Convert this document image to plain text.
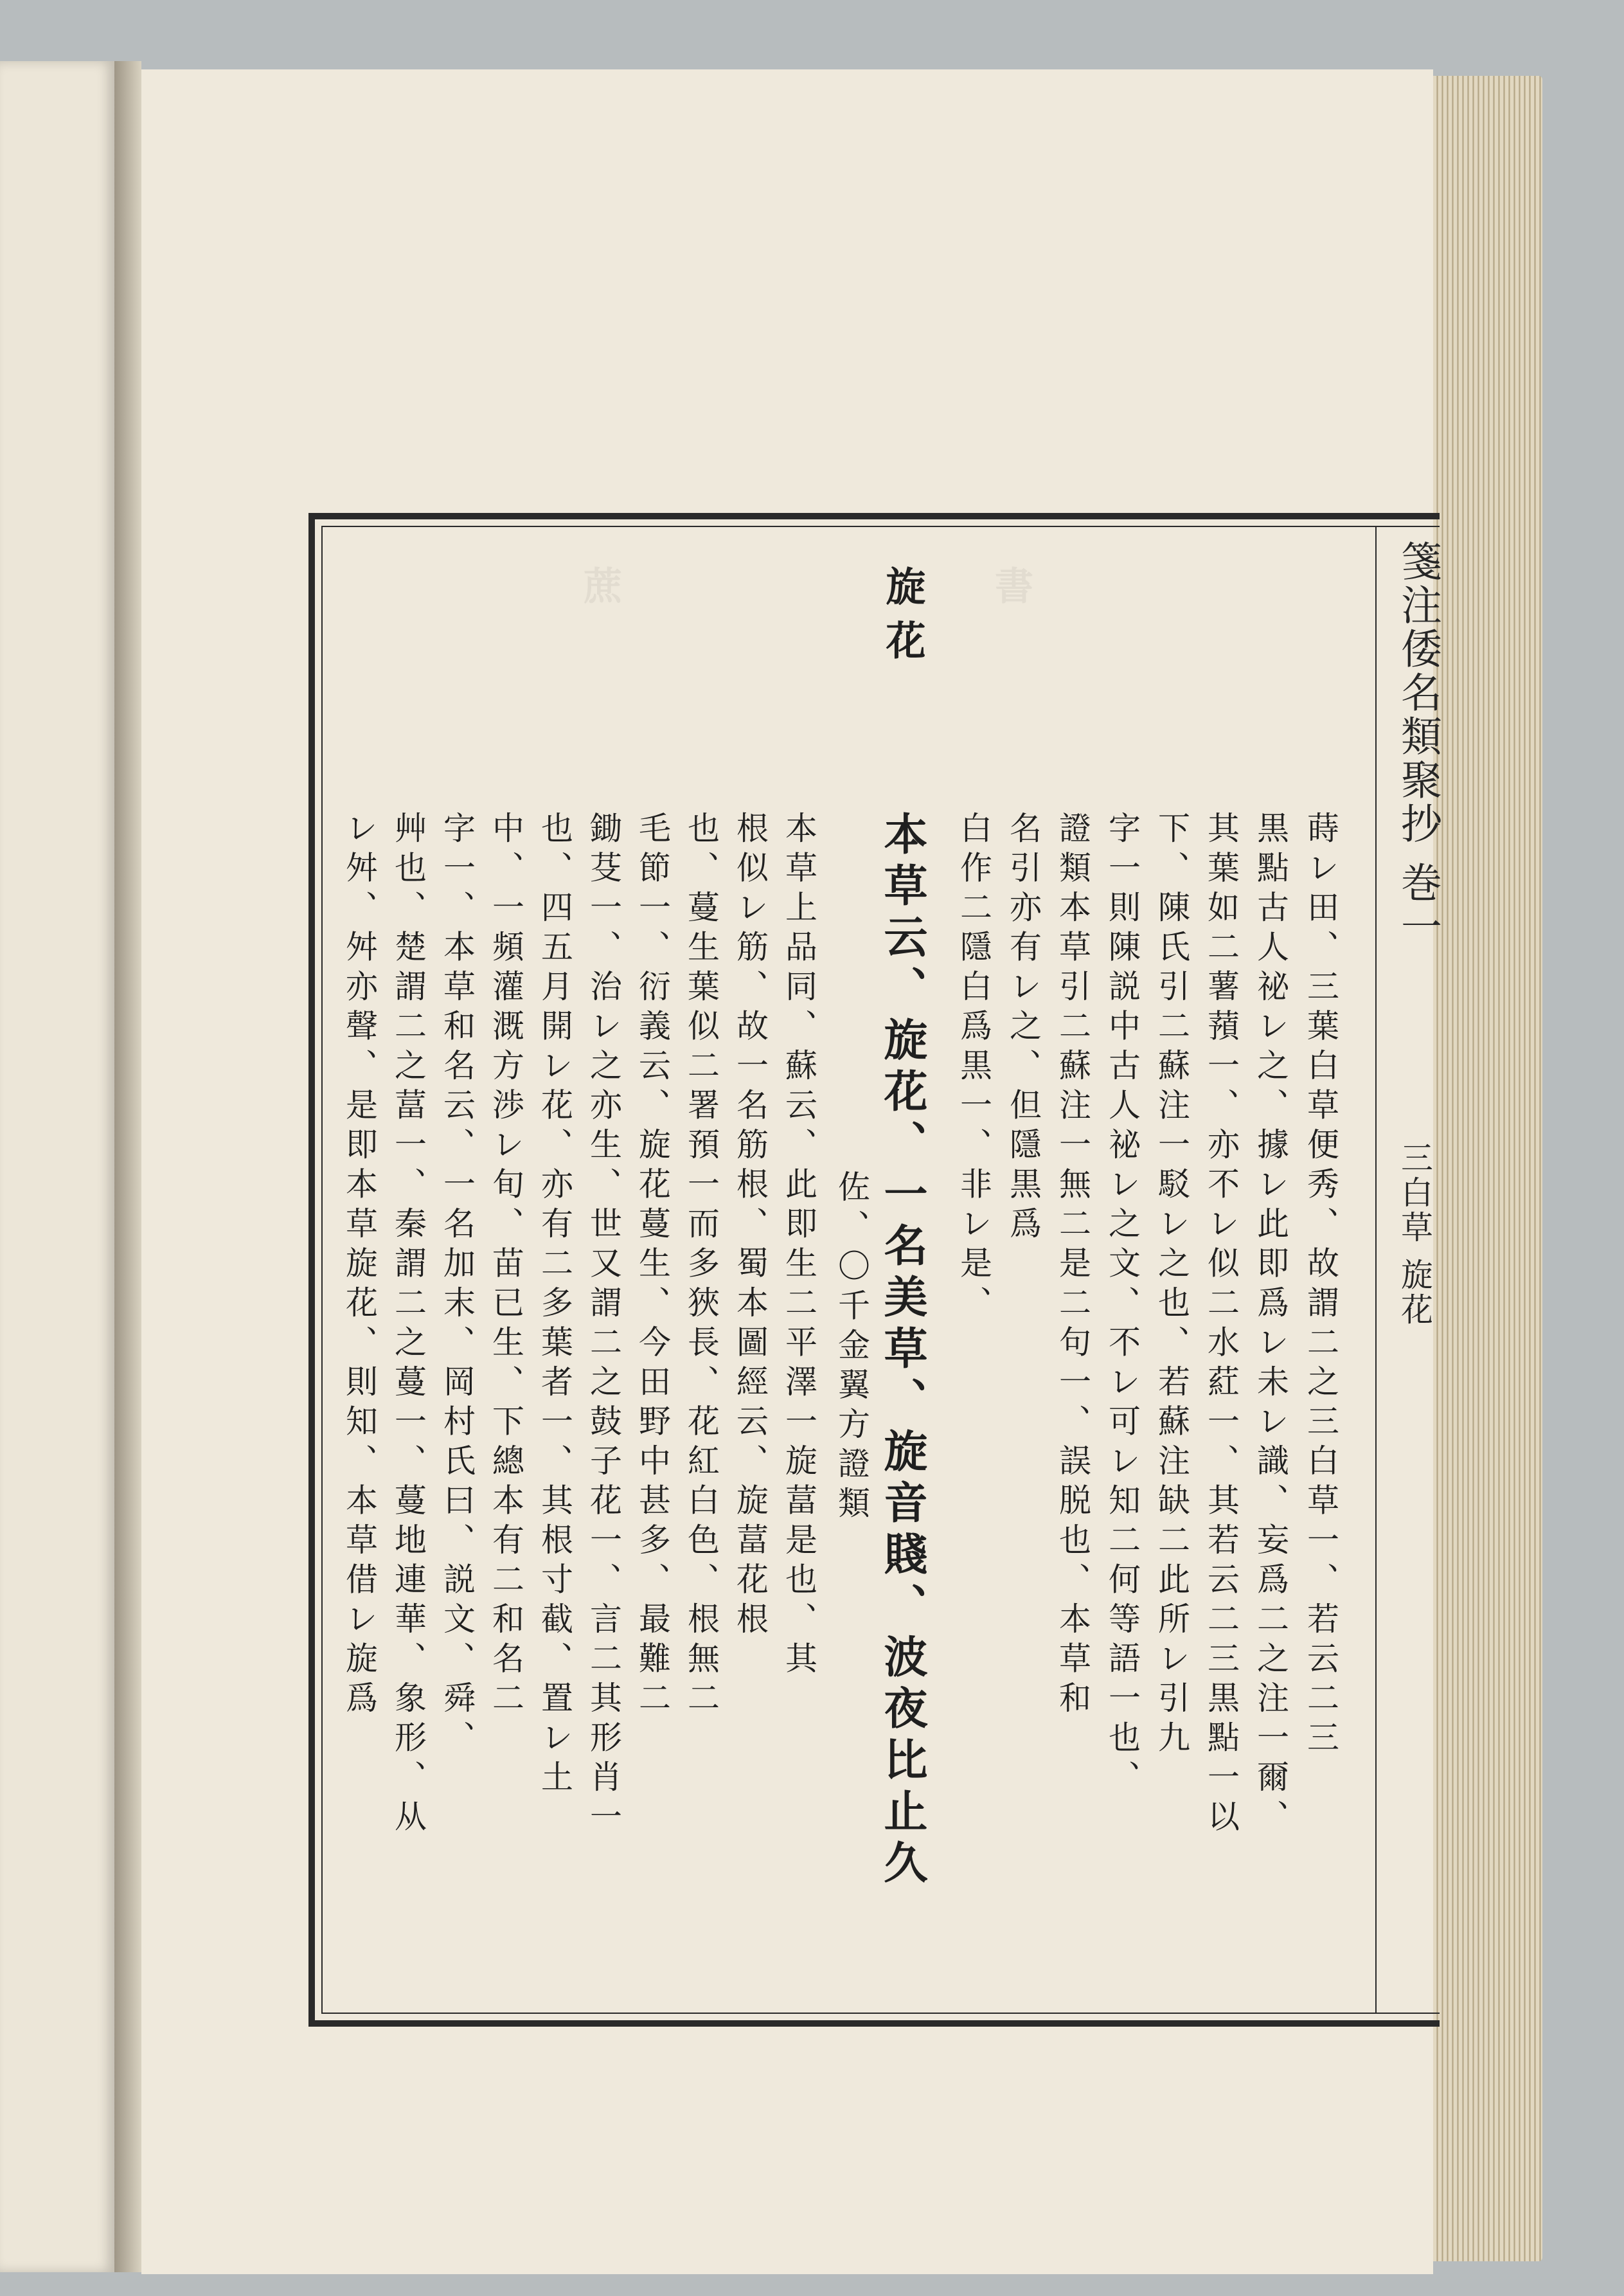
蔗	書	箋注倭名類聚抄 巻一
三白草 旋花
旋花
蒔レ田、三葉白草便秀、故謂二之三白草一、若云二三
黒點古人祕レ之、據レ此即爲レ未レ識、妄爲二之注一爾、
其葉如二薯蕷一、亦不レ似二水葒一、其若云二三黒點一以
下、陳氏引二蘇注一駁レ之也、若蘇注缺二此所レ引九
字一則陳説中古人祕レ之文、不レ可レ知二何等語一也、
證類本草引二蘇注一無二是二句一、誤脱也、本草和
名引亦有レ之、但隱黒爲
白作二隱白爲黒一、非レ是、
本草云、旋花、一名美草、旋音賤、波夜比止久
佐、〇千金翼方證類
本草上品同、蘇云、此即生二平澤一旋葍是也、其
根似レ筋、故一名筋根、蜀本圖經云、旋葍花根
也、蔓生葉似二署預一而多狹長、花紅白色、根無二
毛節一、衍義云、旋花蔓生、今田野中甚多、最難二
鋤芟一、治レ之亦生、世又謂二之鼓子花一、言二其形肖一
也、四五月開レ花、亦有二多葉者一、其根寸截、置レ土
中、一頻灌溉方渉レ旬、苗已生、下總本有二和名二
字一、本草和名云、一名加末、岡村氏曰、説文、舜、
艸也、楚謂二之葍一、秦謂二之蔓一、蔓地連華、象形、从
レ舛、舛亦聲、是即本草旋花、則知、本草借レ旋爲
